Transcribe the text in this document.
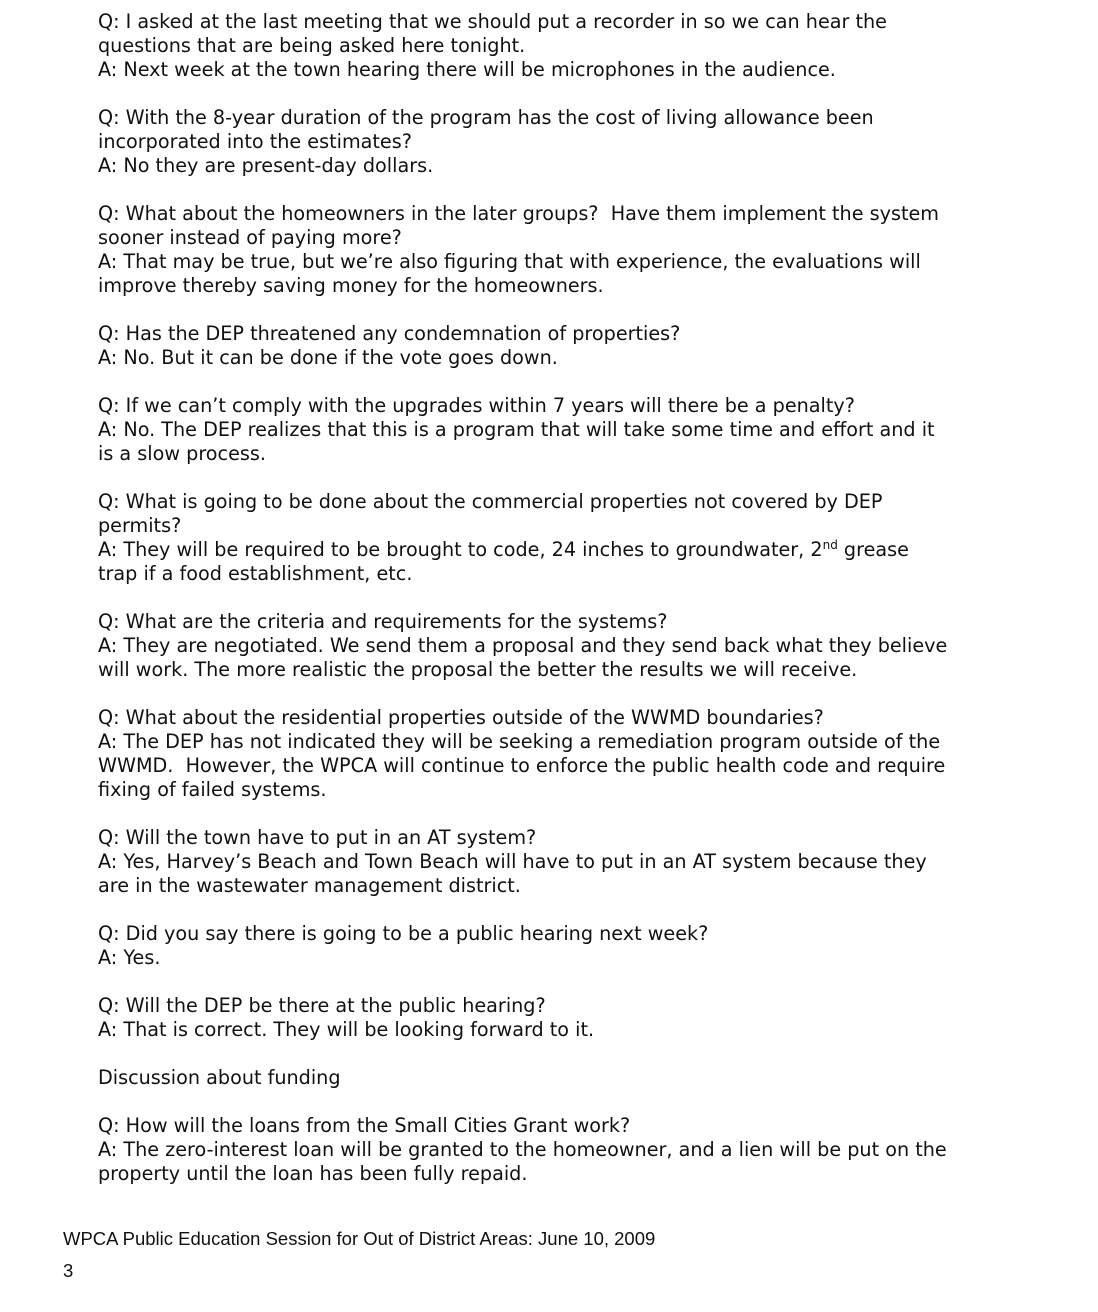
Q: I asked at the last meeting that we should put a recorder in so we can hear the
questions that are being asked here tonight.
A: Next week at the town hearing there will be microphones in the audience.
Q: With the 8-year duration of the program has the cost of living allowance been
incorporated into the estimates?
A: No they are present-day dollars.
Q: What about the homeowners in the later groups?  Have them implement the system
sooner instead of paying more?
A: That may be true, but we’re also figuring that with experience, the evaluations will
improve thereby saving money for the homeowners.
Q: Has the DEP threatened any condemnation of properties?
A: No. But it can be done if the vote goes down.
Q: If we can’t comply with the upgrades within 7 years will there be a penalty?
A: No. The DEP realizes that this is a program that will take some time and effort and it
is a slow process.
Q: What is going to be done about the commercial properties not covered by DEP
permits?
A: They will be required to be brought to code, 24 inches to groundwater, 2nd grease
trap if a food establishment, etc.
Q: What are the criteria and requirements for the systems?
A: They are negotiated. We send them a proposal and they send back what they believe
will work. The more realistic the proposal the better the results we will receive.
Q: What about the residential properties outside of the WWMD boundaries?
A: The DEP has not indicated they will be seeking a remediation program outside of the
WWMD.  However, the WPCA will continue to enforce the public health code and require
fixing of failed systems.
Q: Will the town have to put in an AT system?
A: Yes, Harvey’s Beach and Town Beach will have to put in an AT system because they
are in the wastewater management district.
Q: Did you say there is going to be a public hearing next week?
A: Yes.
Q: Will the DEP be there at the public hearing?
A: That is correct. They will be looking forward to it.
Discussion about funding
Q: How will the loans from the Small Cities Grant work?
A: The zero-interest loan will be granted to the homeowner, and a lien will be put on the
property until the loan has been fully repaid.
WPCA Public Education Session for Out of District Areas: June 10, 2009
3
